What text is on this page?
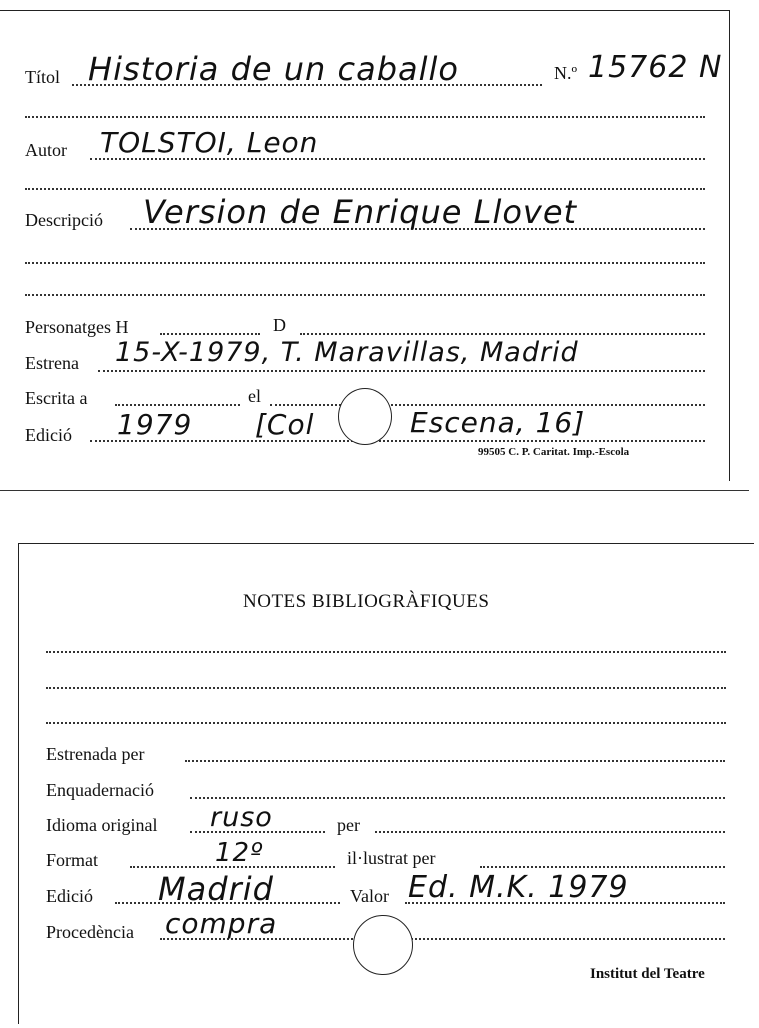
Títol Historia de un caballo	N.º 15762 N
Autor TOLSTOI, Leon
Descripció Version de Enrique Llovet
Personatges H	D
Estrena 15-X-1979, T. Maravillas, Madrid
Escrita a	el
Edició 1979 [Col	Escena, 16]
99505 C. P. Caritat. Imp.-Escola
NOTES BIBLIOGRÀFIQUES
Estrenada per
Enquadernació
Idioma original ruso	per
Format	12º	il·lustrat per
Edició Madrid	Valor Ed. M.K. 1979
Procedència compra
Institut del Teatre
